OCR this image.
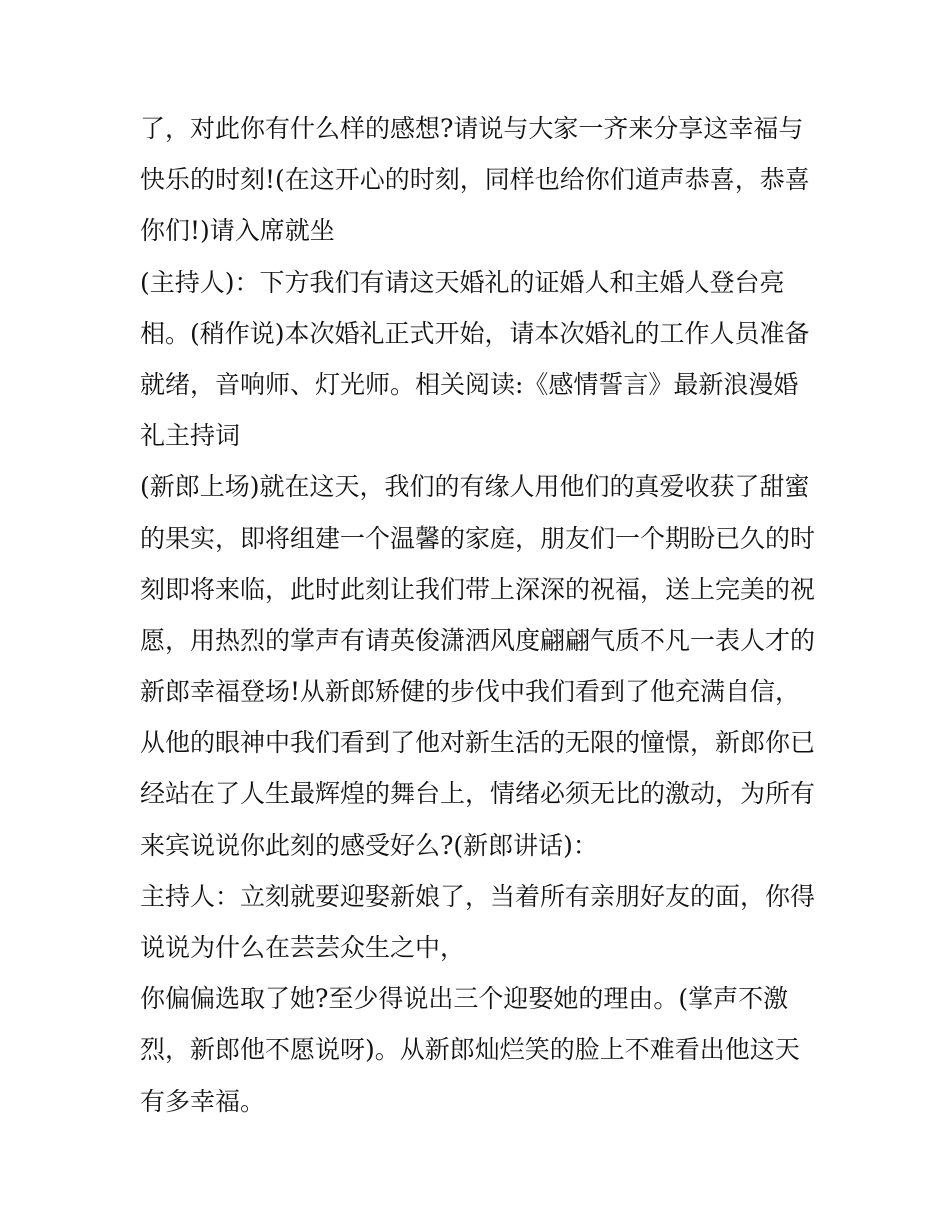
了，对此你有什么样的感想?请说与大家一齐来分享这幸福与
快乐的时刻!(在这开心的时刻，同样也给你们道声恭喜，恭喜
你们!)请入席就坐
(主持人)：下方我们有请这天婚礼的证婚人和主婚人登台亮
相。(稍作说)本次婚礼正式开始，请本次婚礼的工作人员准备
就绪，音响师、灯光师。相关阅读:《感情誓言》最新浪漫婚
礼主持词
(新郎上场)就在这天，我们的有缘人用他们的真爱收获了甜蜜
的果实，即将组建一个温馨的家庭，朋友们一个期盼已久的时
刻即将来临，此时此刻让我们带上深深的祝福，送上完美的祝
愿，用热烈的掌声有请英俊潇洒风度翩翩气质不凡一表人才的
新郎幸福登场!从新郎矫健的步伐中我们看到了他充满自信，
从他的眼神中我们看到了他对新生活的无限的憧憬，新郎你已
经站在了人生最辉煌的舞台上，情绪必须无比的激动，为所有
来宾说说你此刻的感受好么?(新郎讲话)：
主持人：立刻就要迎娶新娘了，当着所有亲朋好友的面，你得
说说为什么在芸芸众生之中，
你偏偏选取了她?至少得说出三个迎娶她的理由。(掌声不激
烈，新郎他不愿说呀)。从新郎灿烂笑的脸上不难看出他这天
有多幸福。
